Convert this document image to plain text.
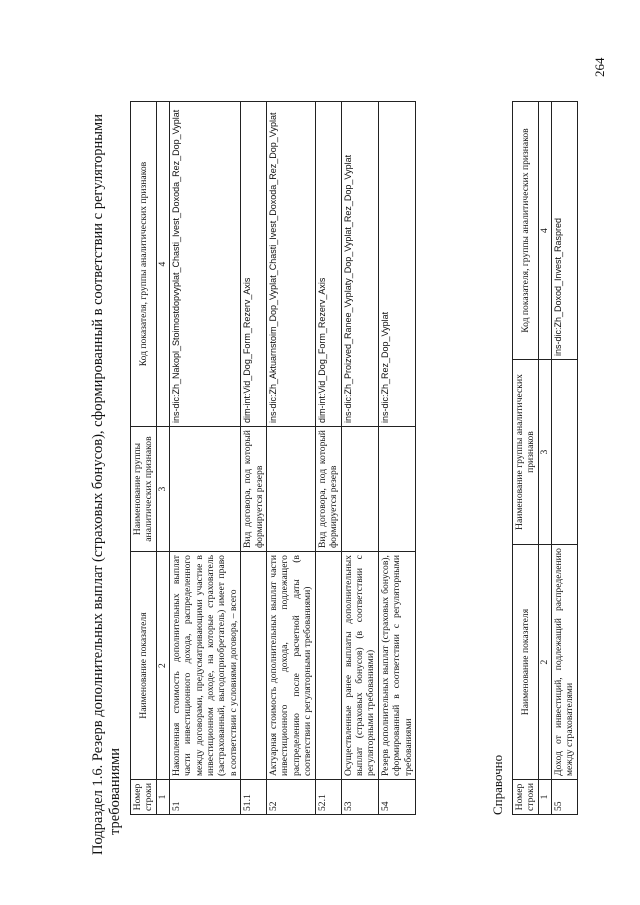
Подраздел 1.6. Резерв дополнительных выплат (страховых бонусов), сформированный в соответствии с регуляторными требованиями Номер строки	Наименование показателя	Наименование группы аналитических признаков	Код показателя, группы аналитических признаков
1	2	3	4
51	Накопленная стоимость дополнительных выплат части инвестиционного дохода, распределенного между договорами, предусматривающими участие в инвестиционном доходе, на которые страхователь (застрахованный, выгодоприобретатель) имеет право в соответствии с условиями договора, – всего		ins-dic:Zh_Nakopl_Stoimostdopvyplat_Chasti_Ivest_Doxoda_Rez_Dop_Vyplat
51.1		Вид договора, под который формируется резерв	dim-int:Vid_Dog_Form_Rezerv_Axis
52	Актуарная стоимость дополнительных выплат части инвестиционного дохода, подлежащего распределению после расчетной даты (в соответствии с регуляторными требованиями)		ins-dic:Zh_Aktuarnstoim_Dop_Vyplat_Chasti_Ivest_Doxoda_Rez_Dop_Vyplat
52.1		Вид договора, под который формируется резерв	dim-int:Vid_Dog_Form_Rezerv_Axis
53	Осуществленные ранее выплаты дополнительных выплат (страховых бонусов) (в соответствии с регуляторными требованиями)		ins-dic:Zh_Proizved_Ranee_Vyplaty_Dop_Vyplat_Rez_Dop_Vyplat
54	Резерв дополнительных выплат (страховых бонусов), сформированный в соответствии с регуляторными требованиями		ins-dic:Zh_Rez_Dop_Vyplat
Справочно Номер строки	Наименование показателя	Наименование группы аналитических признаков	Код показателя, группы аналитических признаков
1	2	3	4
55	Доход от инвестиций, подлежащий распределению между страхователями		ins-dic:Zh_Doxod_Invest_Raspred
264
